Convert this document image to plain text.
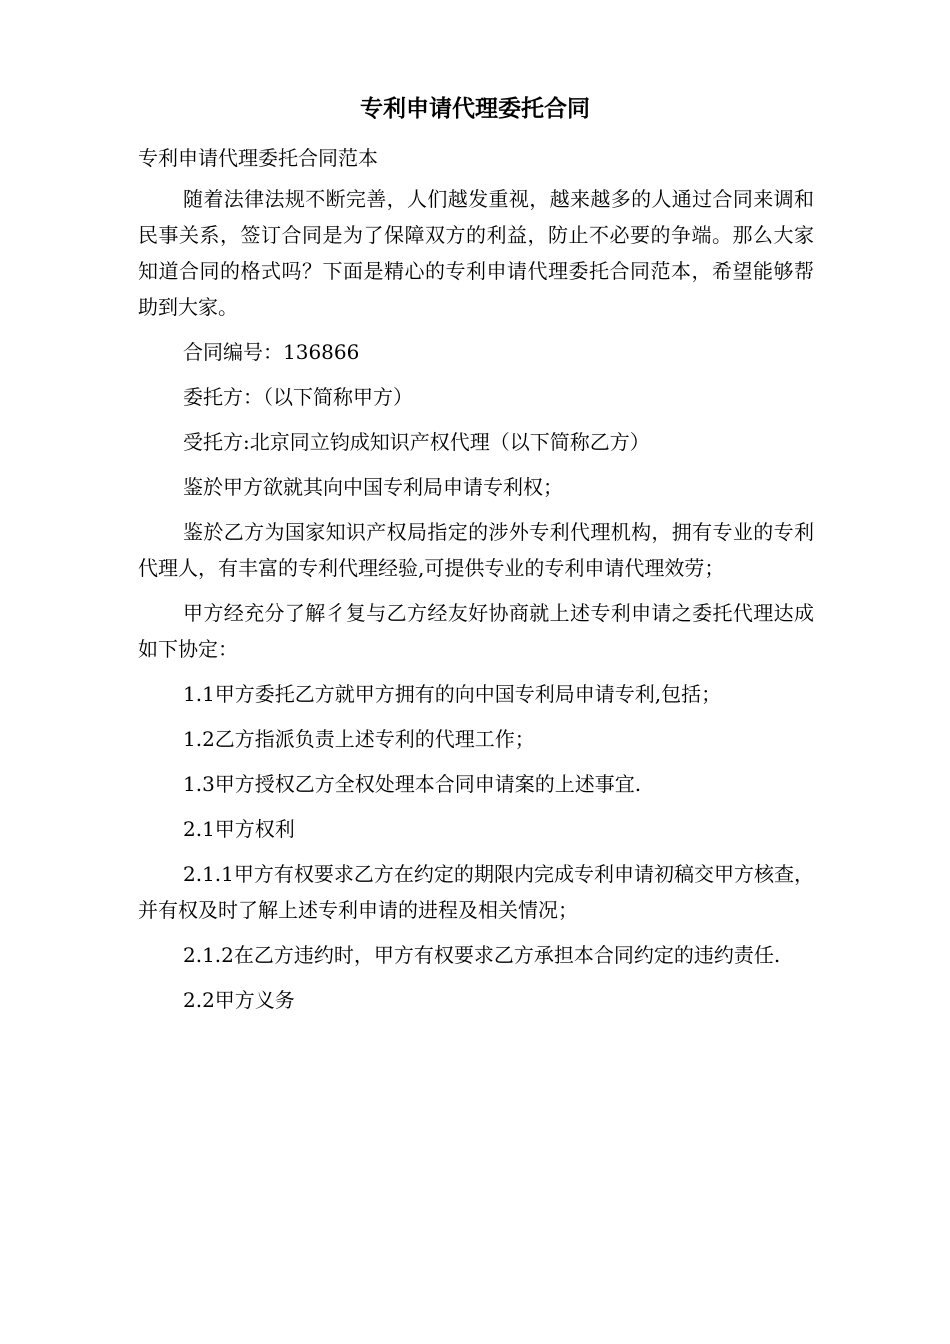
专利申请代理委托合同

专利申请代理委托合同范本

随着法律法规不断完善，人们越发重视，越来越多的人通过合同来调和民事关系，签订合同是为了保障双方的利益，防止不必要的争端。那么大家知道合同的格式吗？下面是精心的专利申请代理委托合同范本，希望能够帮助到大家。

合同编号：136866

委托方：（以下简称甲方）

受托方:北京同立钧成知识产权代理（以下简称乙方）

鉴於甲方欲就其向中国专利局申请专利权；

鉴於乙方为国家知识产权局指定的涉外专利代理机构，拥有专业的专利代理人，有丰富的专利代理经验,可提供专业的专利申请代理效劳；

甲方经充分了解彳复与乙方经友好协商就上述专利申请之委托代理达成如下协定：

1.1甲方委托乙方就甲方拥有的向中国专利局申请专利,包括；

1.2乙方指派负责上述专利的代理工作；

1.3甲方授权乙方全权处理本合同申请案的上述事宜.

2.1甲方权利

2.1.1甲方有权要求乙方在约定的期限内完成专利申请初稿交甲方核查，并有权及时了解上述专利申请的进程及相关情况；

2.1.2在乙方违约时，甲方有权要求乙方承担本合同约定的违约责任.

2.2甲方义务
